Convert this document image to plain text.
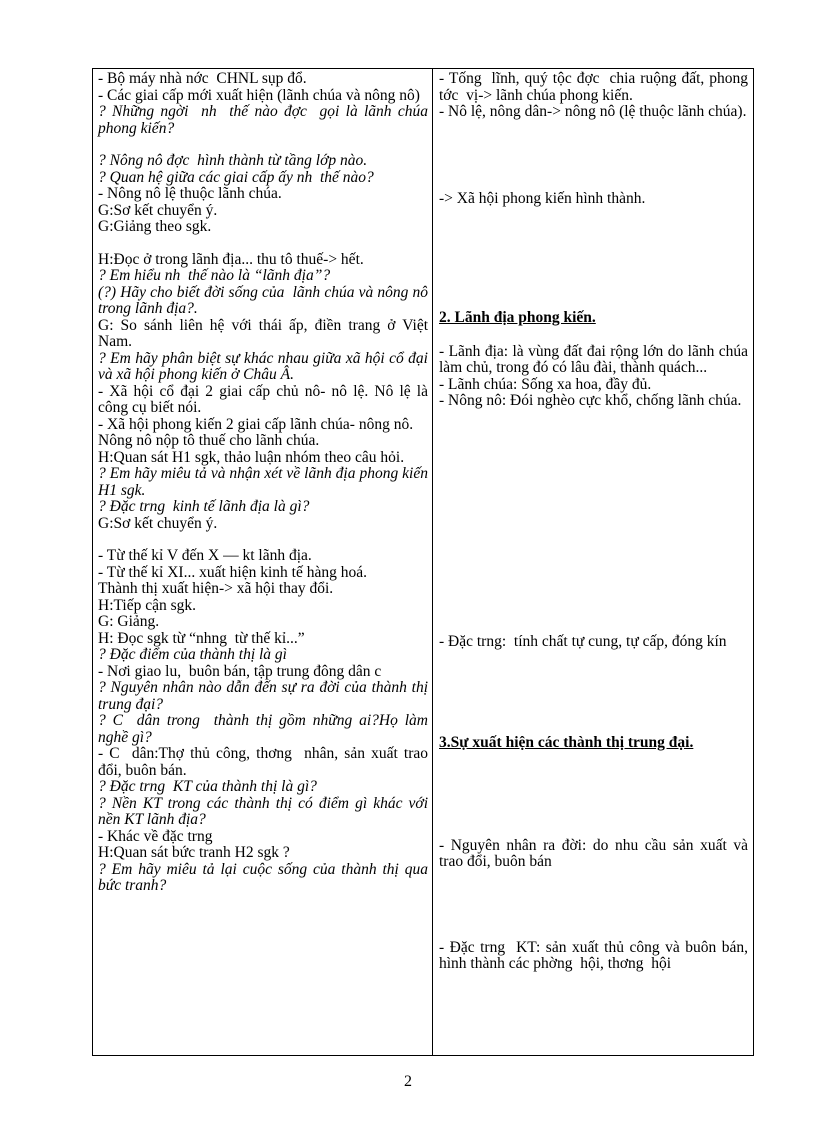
- Bộ máy nhà nớc  CHNL sụp đổ.
- Các giai cấp mới xuất hiện (lãnh chúa và nông nô)
? Những ngời  nh  thế nào đợc  gọi là lãnh chúa phong kiến?
? Nông nô đợc  hình thành từ tầng lớp nào.
? Quan hệ giữa các giai cấp ấy nh  thế nào?
- Nông nô lệ thuộc lãnh chúa.
G:Sơ kết chuyển ý.
G:Giảng theo sgk.
H:Đọc ở trong lãnh địa... thu tô thuế-> hết.
? Em hiểu nh  thế nào là “lãnh địa”?
(?) Hãy cho biết đời sống của  lãnh chúa và nông nô trong lãnh địa?.
G: So sánh liên hệ với thái ấp, điền trang ở Việt Nam.
? Em hãy phân biệt sự khác nhau giữa xã hội cổ đại và xã hội phong kiến ở Châu Â.
- Xã hội cổ đại 2 giai cấp chủ nô- nô lệ. Nô lệ là công cụ biết nói.
- Xã hội phong kiến 2 giai cấp lãnh chúa- nông nô.
Nông nô nộp tô thuế cho lãnh chúa.
H:Quan sát H1 sgk, thảo luận nhóm theo câu hỏi.
? Em hãy miêu tả và nhận xét về lãnh địa phong kiến H1 sgk.
? Đặc trng  kinh tế lãnh địa là gì?
G:Sơ kết chuyển ý.
- Từ thế kỉ V đến X — kt lãnh địa.
- Từ thế kỉ XI... xuất hiện kinh tế hàng hoá.
Thành thị xuất hiện-> xã hội thay đổi.
H:Tiếp cận sgk.
G: Giảng.
H: Đọc sgk từ “nhng  từ thế kỉ...”
? Đặc điểm của thành thị là gì
- Nơi giao lu,  buôn bán, tập trung đông dân c
? Nguyên nhân nào dẫn đến sự ra đời của thành thị trung đại?
? C  dân trong  thành thị gồm những ai?Họ làm nghề gì?
- C  dân:Thợ thủ công, thơng  nhân, sản xuất trao đổi, buôn bán.
? Đặc trng  KT của thành thị là gì?
? Nền KT trong các thành thị có điểm gì khác với nền KT lãnh địa?
- Khác về đặc trng
H:Quan sát bức tranh H2 sgk ?
? Em hãy miêu tả lại cuộc sống của thành thị qua bức tranh?
- Tống  lĩnh, quý tộc đợc  chia ruộng đất, phong tớc  vị-> lãnh chúa phong kiến.
- Nô lệ, nông dân-> nông nô (lệ thuộc lãnh chúa).
-> Xã hội phong kiến hình thành.
2. Lãnh địa phong kiến.
- Lãnh địa: là vùng đất đai rộng lớn do lãnh chúa làm chủ, trong đó có lâu đài, thành quách...
- Lãnh chúa: Sống xa hoa, đầy đủ.
- Nông nô: Đói nghèo cực khổ, chống lãnh chúa.
- Đặc trng:  tính chất tự cung, tự cấp, đóng kín
3.Sự xuất hiện các thành thị trung đại.
- Nguyên nhân ra đời: do nhu cầu sản xuất và trao đổi, buôn bán
- Đặc trng  KT: sản xuất thủ công và buôn bán, hình thành các phờng  hội, thơng  hội
2
